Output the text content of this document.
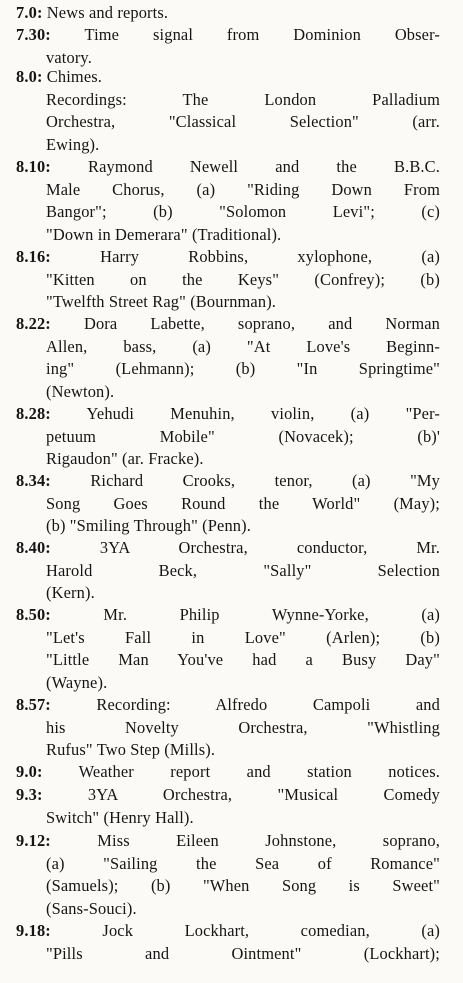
7.0: News and reports.
7.30: Time signal from Dominion Obser-
vatory.
8.0: Chimes.
Recordings: The London Palladium
Orchestra, "Classical Selection" (arr.
Ewing).
8.10: Raymond Newell and the B.B.C.
Male Chorus, (a) "Riding Down From
Bangor"; (b) "Solomon Levi"; (c)
"Down in Demerara" (Traditional).
8.16: Harry Robbins, xylophone, (a)
"Kitten on the Keys" (Confrey); (b)
"Twelfth Street Rag" (Bournman).
8.22: Dora Labette, soprano, and Norman
Allen, bass, (a) "At Love's Beginn-
ing" (Lehmann); (b) "In Springtime"
(Newton).
8.28: Yehudi Menuhin, violin, (a) "Per-
petuum Mobile" (Novacek); (b)'
Rigaudon" (ar. Fracke).
8.34: Richard Crooks, tenor, (a) "My
Song Goes Round the World" (May);
(b) "Smiling Through" (Penn).
8.40: 3YA Orchestra, conductor, Mr.
Harold Beck, "Sally" Selection
(Kern).
8.50: Mr. Philip Wynne-Yorke, (a)
"Let's Fall in Love" (Arlen); (b)
"Little Man You've had a Busy Day"
(Wayne).
8.57: Recording: Alfredo Campoli and
his Novelty Orchestra, "Whistling
Rufus" Two Step (Mills).
9.0: Weather report and station notices.
9.3: 3YA Orchestra, "Musical Comedy
Switch" (Henry Hall).
9.12: Miss Eileen Johnstone, soprano,
(a) "Sailing the Sea of Romance"
(Samuels); (b) "When Song is Sweet"
(Sans-Souci).
9.18: Jock Lockhart, comedian, (a)
"Pills and Ointment" (Lockhart);
